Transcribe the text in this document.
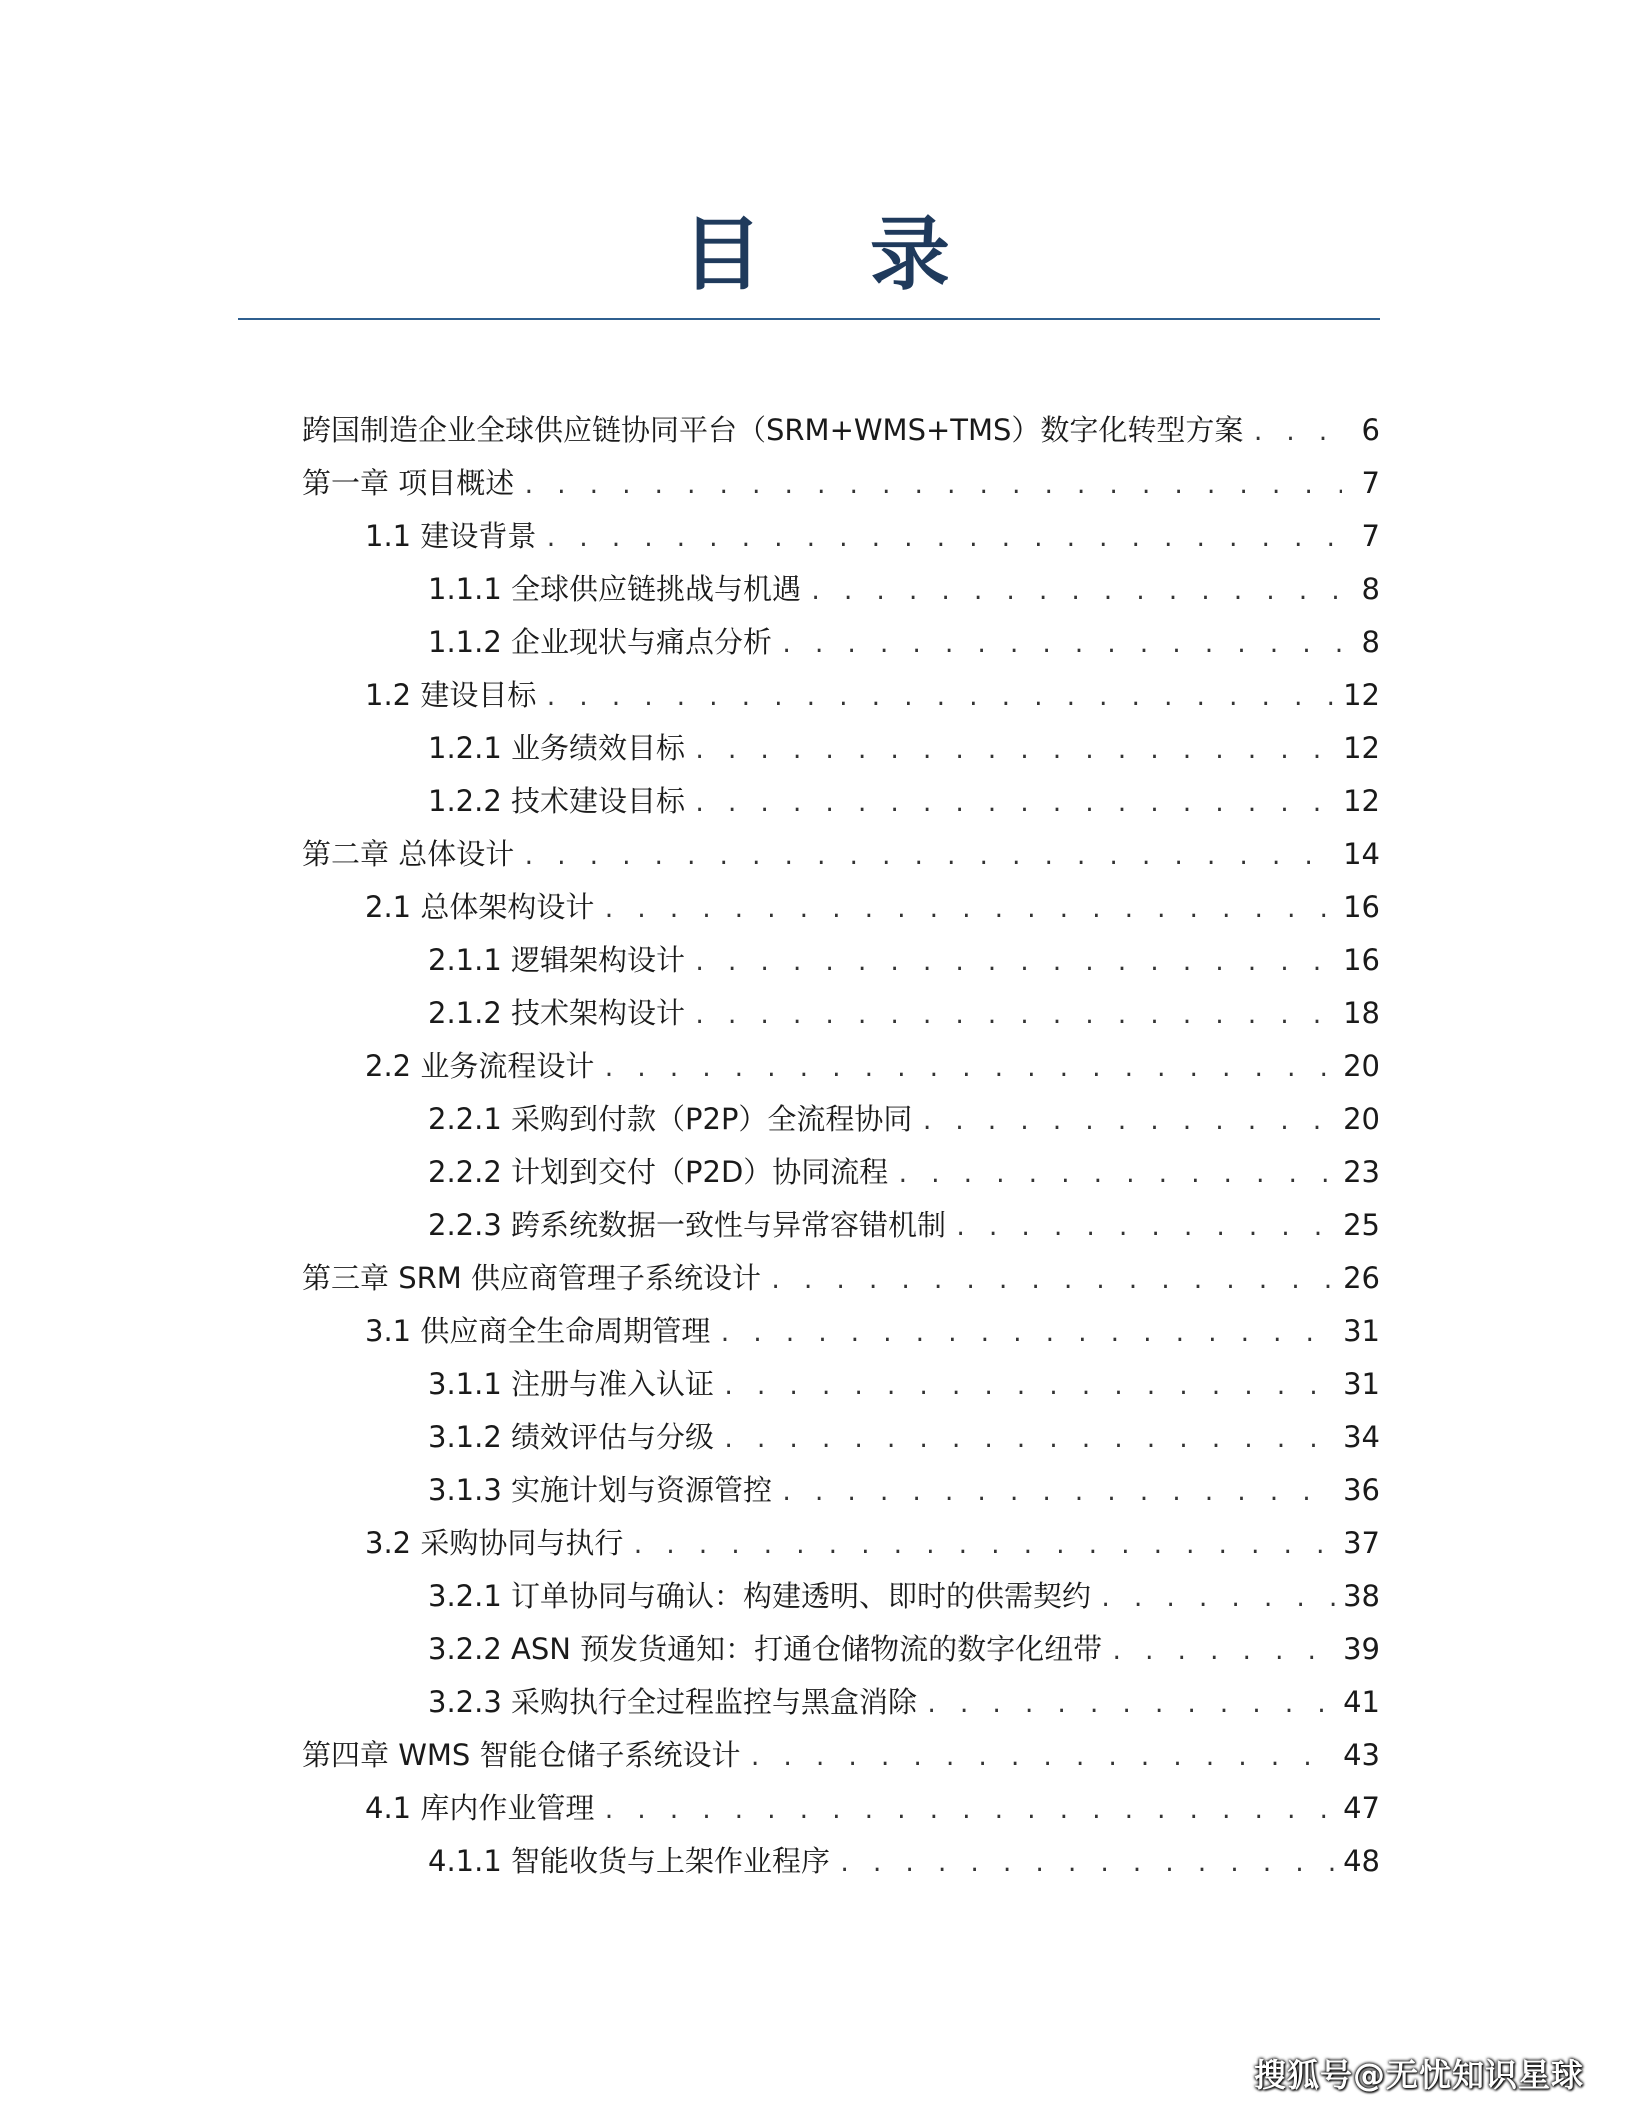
目 录
跨国制造企业全球供应链协同平台（SRM+WMS+TMS）数字化转型方案 . . .	6
第一章 项目概述 . . .	7
1.1 建设背景 . . .	7
1.1.1 全球供应链挑战与机遇 . . .	8
1.1.2 企业现状与痛点分析 . . .	8
1.2 建设目标 . . .	12
1.2.1 业务绩效目标 . . .	12
1.2.2 技术建设目标 . . .	12
第二章 总体设计 . . .	14
2.1 总体架构设计 . . .	16
2.1.1 逻辑架构设计 . . .	16
2.1.2 技术架构设计 . . .	18
2.2 业务流程设计 . . .	20
2.2.1 采购到付款（P2P）全流程协同 . . .	20
2.2.2 计划到交付（P2D）协同流程 . . .	23
2.2.3 跨系统数据一致性与异常容错机制 . . .	25
第三章 SRM 供应商管理子系统设计 . . .	26
3.1 供应商全生命周期管理 . . .	31
3.1.1 注册与准入认证 . . .	31
3.1.2 绩效评估与分级 . . .	34
3.1.3 实施计划与资源管控 . . .	36
3.2 采购协同与执行 . . .	37
3.2.1 订单协同与确认：构建透明、即时的供需契约 . . .	38
3.2.2 ASN 预发货通知：打通仓储物流的数字化纽带 . . .	39
3.2.3 采购执行全过程监控与黑盒消除 . . .	41
第四章 WMS 智能仓储子系统设计 . . .	43
4.1 库内作业管理 . . .	47
4.1.1 智能收货与上架作业程序 . . .	48
搜狐号@无忧知识星球
